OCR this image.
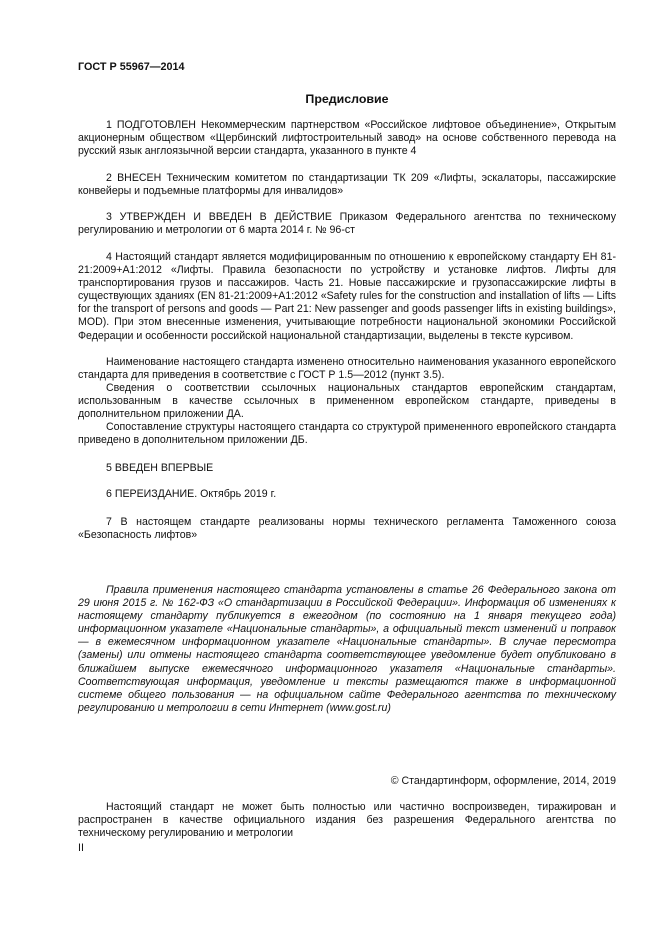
ГОСТ Р 55967—2014
Предисловие

1 ПОДГОТОВЛЕН Некоммерческим партнерством «Российское лифтовое объединение», Открытым акционерным обществом «Щербинский лифтостроительный завод» на основе собственного перевода на русский язык англоязычной версии стандарта, указанного в пункте 4

2 ВНЕСЕН Техническим комитетом по стандартизации ТК 209 «Лифты, эскалаторы, пассажирские конвейеры и подъемные платформы для инвалидов»

3 УТВЕРЖДЕН И ВВЕДЕН В ДЕЙСТВИЕ Приказом Федерального агентства по техническому регулированию и метрологии от 6 марта 2014 г. № 96-ст

4 Настоящий стандарт является модифицированным по отношению к европейскому стандарту ЕН 81-21:2009+А1:2012 «Лифты. Правила безопасности по устройству и установке лифтов. Лифты для транспортирования грузов и пассажиров. Часть 21. Новые пассажирские и грузопассажирские лифты в существующих зданиях (EN 81-21:2009+A1:2012 «Safety rules for the construction and installation of lifts — Lifts for the transport of persons and goods — Part 21: New passenger and goods passenger lifts in existing buildings», MOD). При этом внесенные изменения, учитывающие потребности национальной экономики Российской Федерации и особенности российской национальной стандартизации, выделены в тексте курсивом.

Наименование настоящего стандарта изменено относительно наименования указанного европейского стандарта для приведения в соответствие с ГОСТ Р 1.5—2012 (пункт 3.5).

Сведения о соответствии ссылочных национальных стандартов европейским стандартам, использованным в качестве ссылочных в примененном европейском стандарте, приведены в дополнительном приложении ДА.

Сопоставление структуры настоящего стандарта со структурой примененного европейского стандарта приведено в дополнительном приложении ДБ.

5 ВВЕДЕН ВПЕРВЫЕ

6 ПЕРЕИЗДАНИЕ. Октябрь 2019 г.

7 В настоящем стандарте реализованы нормы технического регламента Таможенного союза «Безопасность лифтов»

Правила применения настоящего стандарта установлены в статье 26 Федерального закона от 29 июня 2015 г. № 162-ФЗ «О стандартизации в Российской Федерации». Информация об изменениях к настоящему стандарту публикуется в ежегодном (по состоянию на 1 января текущего года) информационном указателе «Национальные стандарты», а официальный текст изменений и поправок — в ежемесячном информационном указателе «Национальные стандарты». В случае пересмотра (замены) или отмены настоящего стандарта соответствующее уведомление будет опубликовано в ближайшем выпуске ежемесячного информационного указателя «Национальные стандарты». Соответствующая информация, уведомление и тексты размещаются также в информационной системе общего пользования — на официальном сайте Федерального агентства по техническому регулированию и метрологии в сети Интернет (www.gost.ru)

© Стандартинформ, оформление, 2014, 2019

Настоящий стандарт не может быть полностью или частично воспроизведен, тиражирован и распространен в качестве официального издания без разрешения Федерального агентства по техническому регулированию и метрологии

II
